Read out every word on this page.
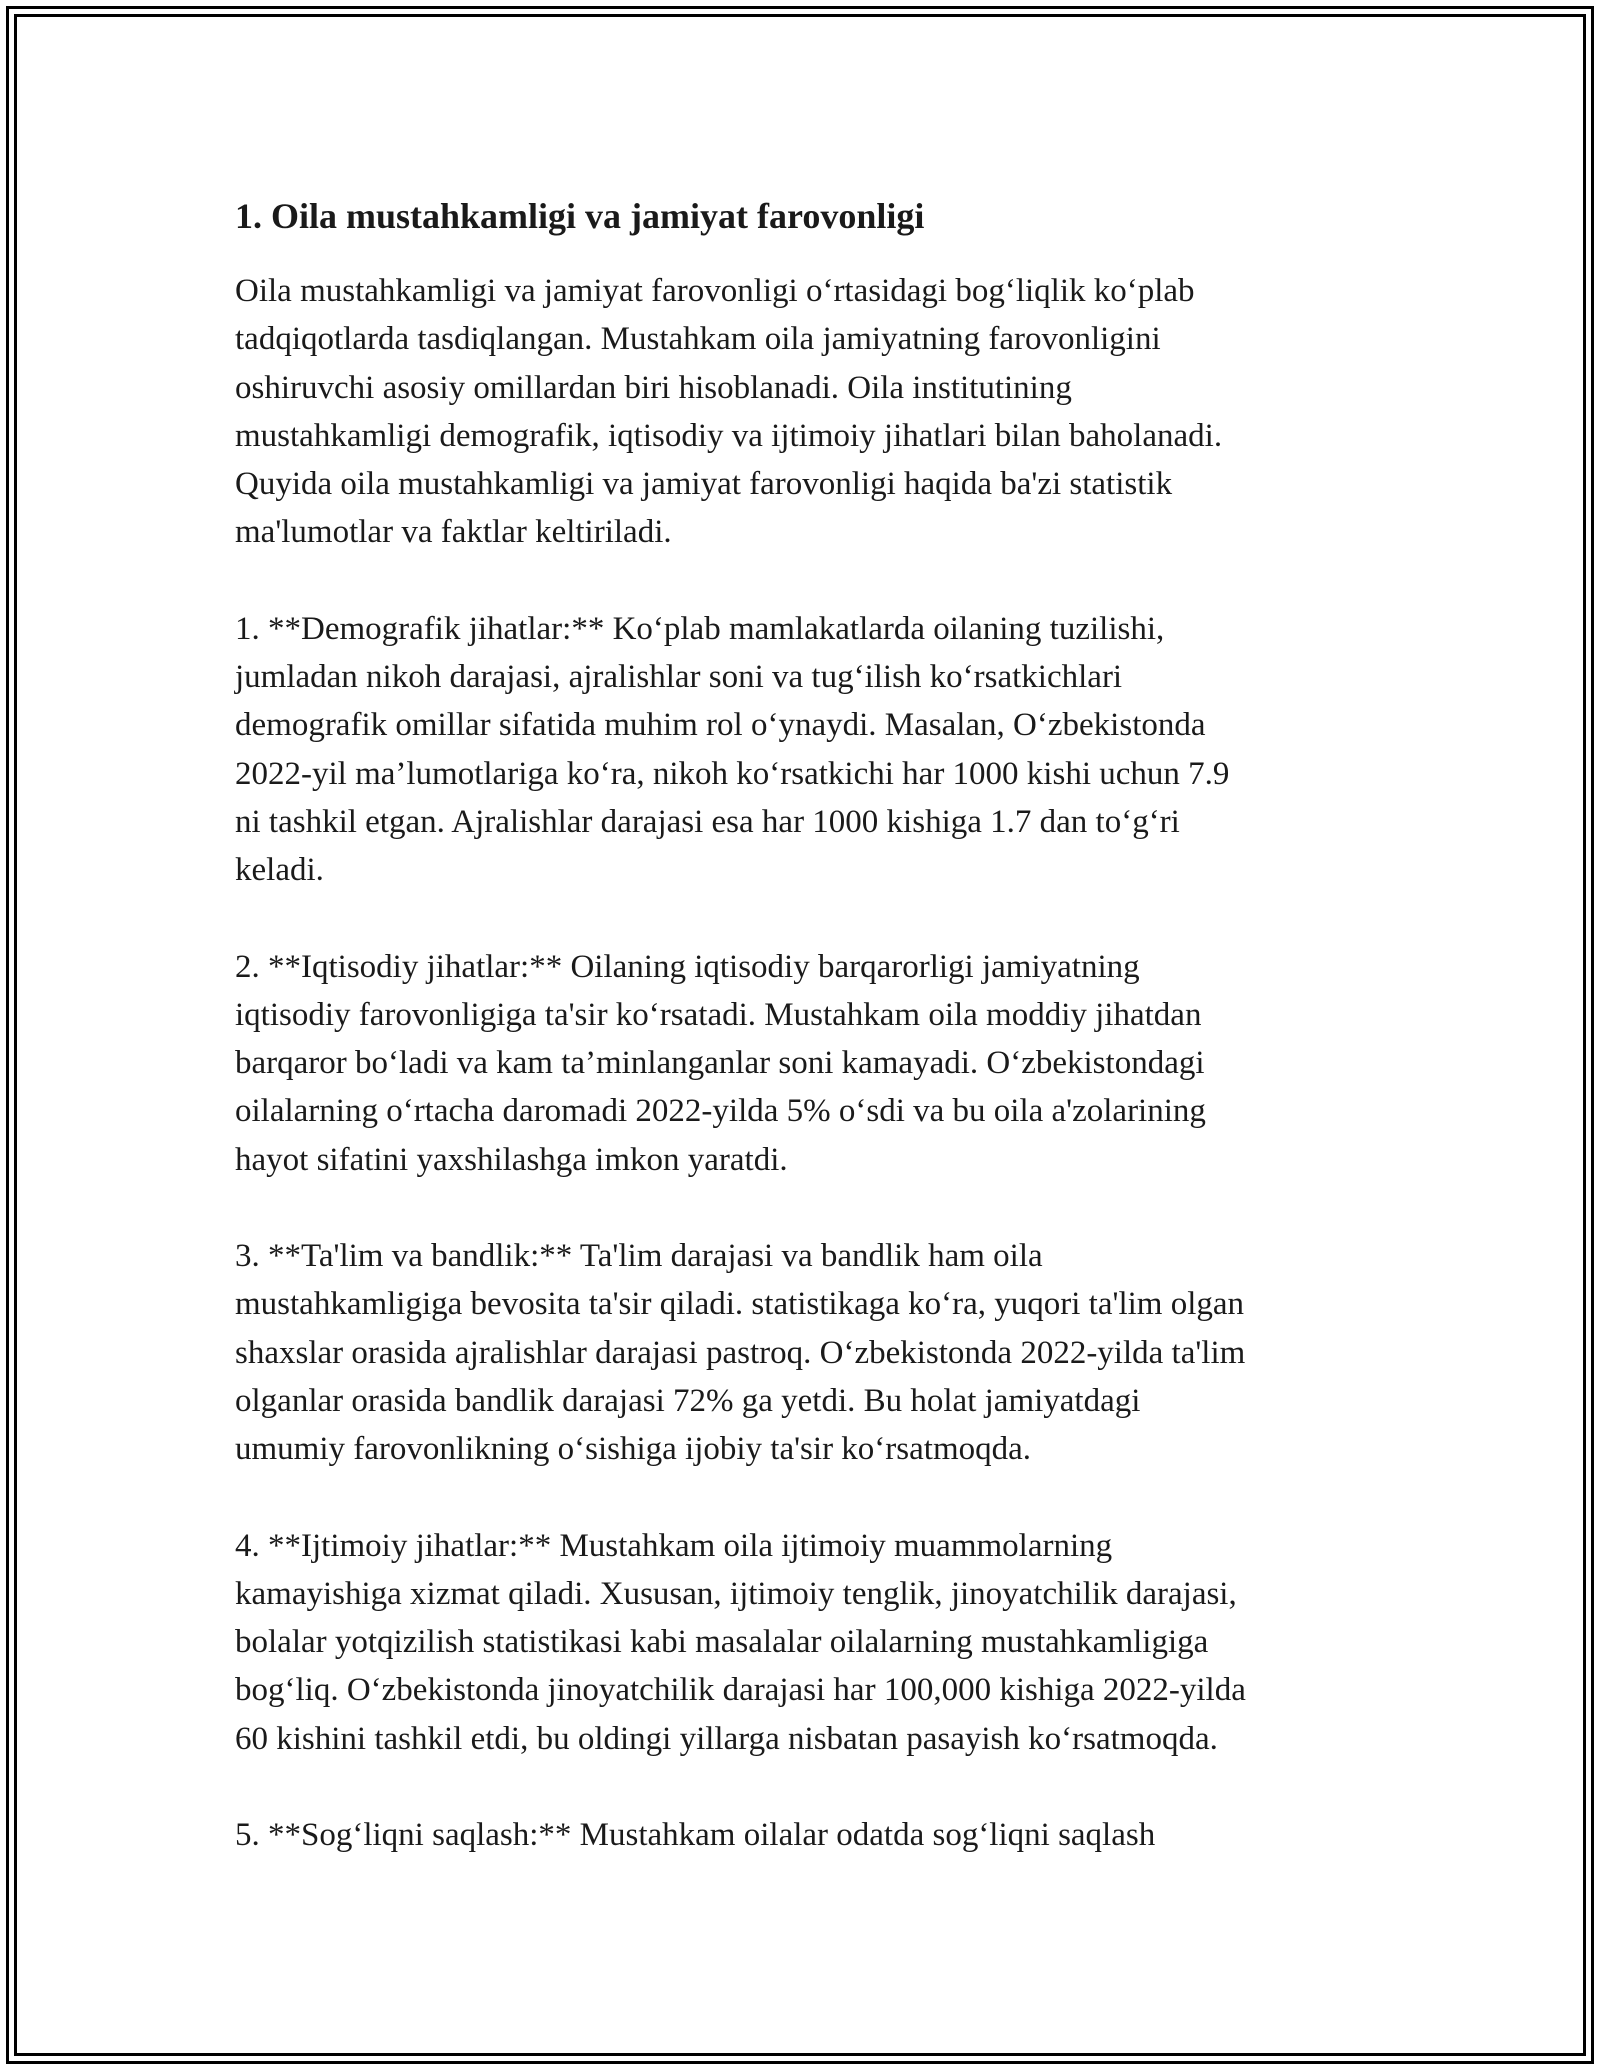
1. Oila mustahkamligi va jamiyat farovonligi

Oila mustahkamligi va jamiyat farovonligi o‘rtasidagi bog‘liqlik ko‘plab
tadqiqotlarda tasdiqlangan. Mustahkam oila jamiyatning farovonligini
oshiruvchi asosiy omillardan biri hisoblanadi. Oila institutining
mustahkamligi demografik, iqtisodiy va ijtimoiy jihatlari bilan baholanadi.
Quyida oila mustahkamligi va jamiyat farovonligi haqida ba'zi statistik
ma'lumotlar va faktlar keltiriladi.

1. **Demografik jihatlar:** Ko‘plab mamlakatlarda oilaning tuzilishi,
jumladan nikoh darajasi, ajralishlar soni va tug‘ilish ko‘rsatkichlari
demografik omillar sifatida muhim rol o‘ynaydi. Masalan, O‘zbekistonda
2022-yil ma’lumotlariga ko‘ra, nikoh ko‘rsatkichi har 1000 kishi uchun 7.9
ni tashkil etgan. Ajralishlar darajasi esa har 1000 kishiga 1.7 dan to‘g‘ri
keladi.

2. **Iqtisodiy jihatlar:** Oilaning iqtisodiy barqarorligi jamiyatning
iqtisodiy farovonligiga ta'sir ko‘rsatadi. Mustahkam oila moddiy jihatdan
barqaror bo‘ladi va kam ta’minlanganlar soni kamayadi. O‘zbekistondagi
oilalarning o‘rtacha daromadi 2022-yilda 5% o‘sdi va bu oila a'zolarining
hayot sifatini yaxshilashga imkon yaratdi.

3. **Ta'lim va bandlik:** Ta'lim darajasi va bandlik ham oila
mustahkamligiga bevosita ta'sir qiladi. statistikaga ko‘ra, yuqori ta'lim olgan
shaxslar orasida ajralishlar darajasi pastroq. O‘zbekistonda 2022-yilda ta'lim
olganlar orasida bandlik darajasi 72% ga yetdi. Bu holat jamiyatdagi
umumiy farovonlikning o‘sishiga ijobiy ta'sir ko‘rsatmoqda.

4. **Ijtimoiy jihatlar:** Mustahkam oila ijtimoiy muammolarning
kamayishiga xizmat qiladi. Xususan, ijtimoiy tenglik, jinoyatchilik darajasi,
bolalar yotqizilish statistikasi kabi masalalar oilalarning mustahkamligiga
bog‘liq. O‘zbekistonda jinoyatchilik darajasi har 100,000 kishiga 2022-yilda
60 kishini tashkil etdi, bu oldingi yillarga nisbatan pasayish ko‘rsatmoqda.

5. **Sog‘liqni saqlash:** Mustahkam oilalar odatda sog‘liqni saqlash
